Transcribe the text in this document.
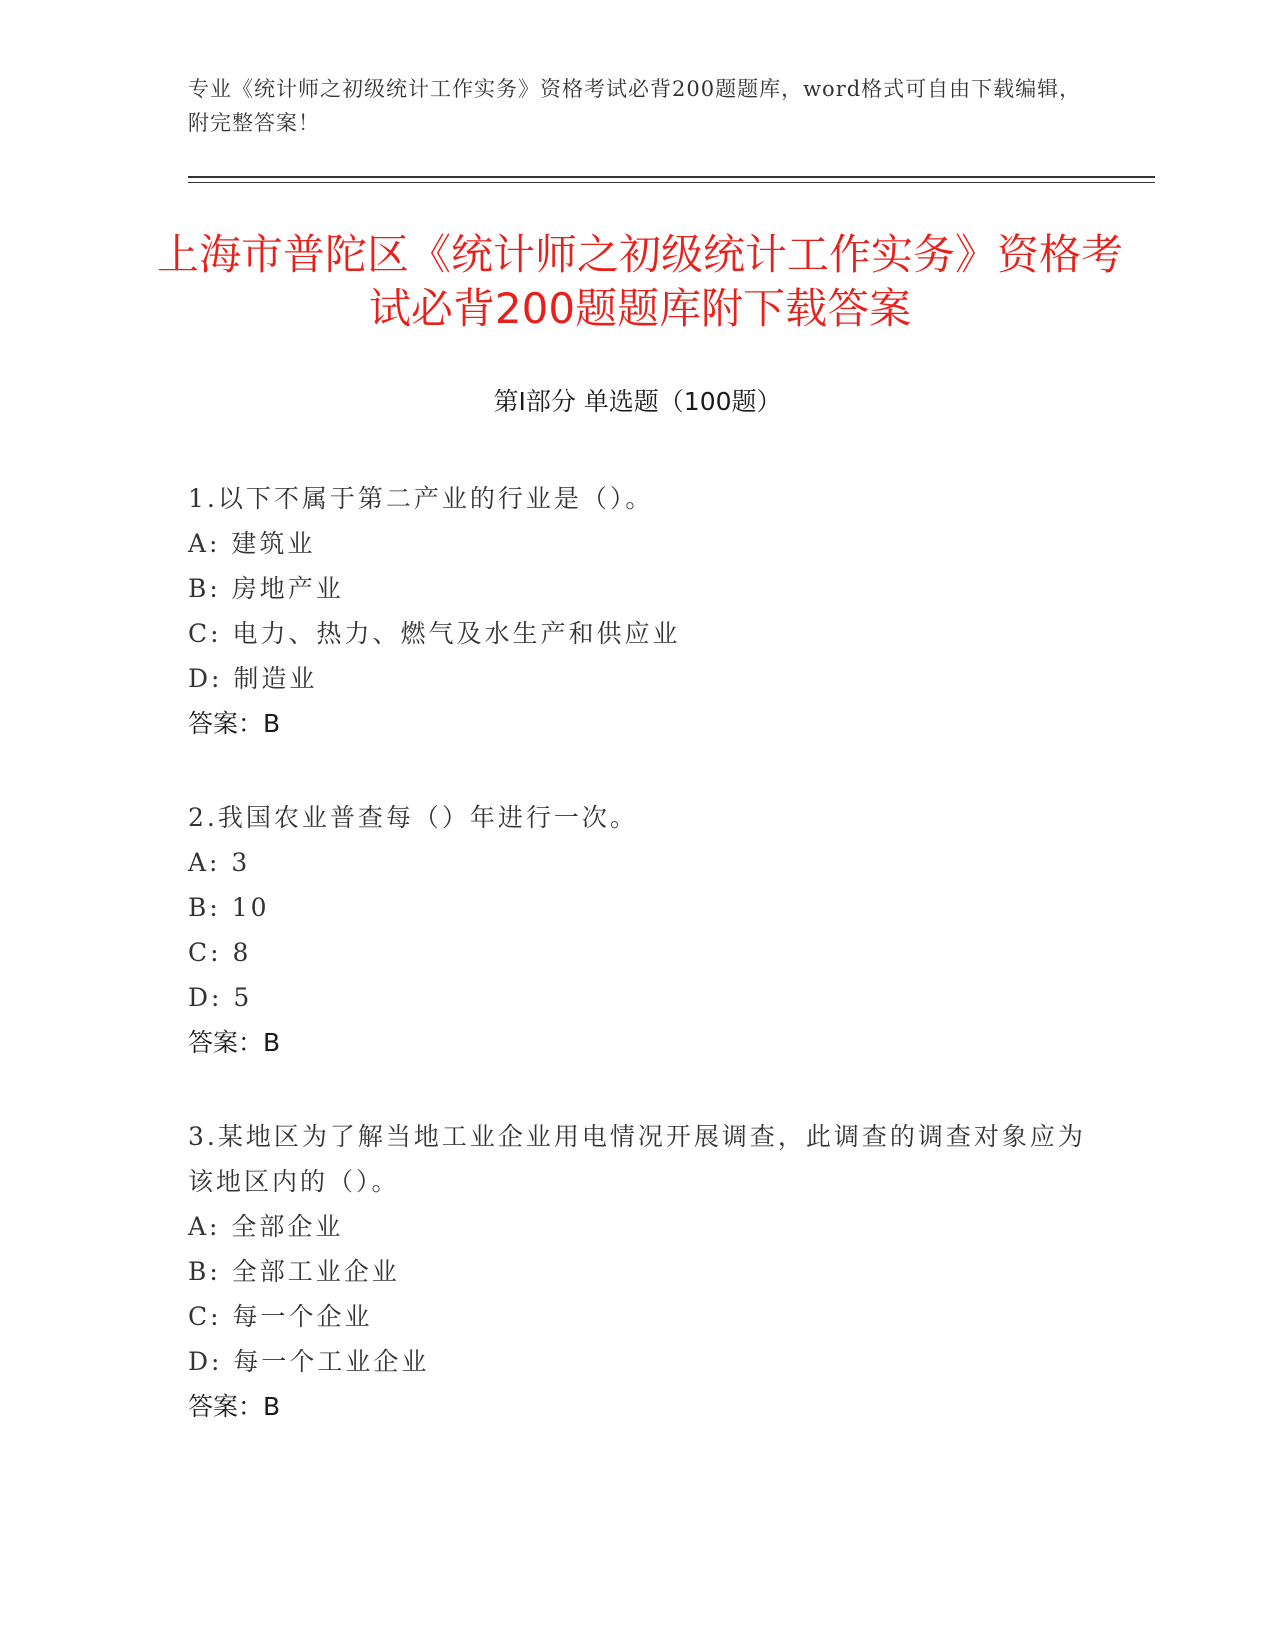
专业《统计师之初级统计工作实务》资格考试必背200题题库，word格式可自由下载编辑，附完整答案！
上海市普陀区《统计师之初级统计工作实务》资格考试必背200题题库附下载答案
第I部分 单选题（100题）
1.以下不属于第二产业的行业是（）。
A: 建筑业
B: 房地产业
C: 电力、热力、燃气及水生产和供应业
D: 制造业
答案：B
2.我国农业普查每（）年进行一次。
A: 3
B: 10
C: 8
D: 5
答案：B
3.某地区为了解当地工业企业用电情况开展调查，此调查的调查对象应为该地区内的（）。
A: 全部企业
B: 全部工业企业
C: 每一个企业
D: 每一个工业企业
答案：B
